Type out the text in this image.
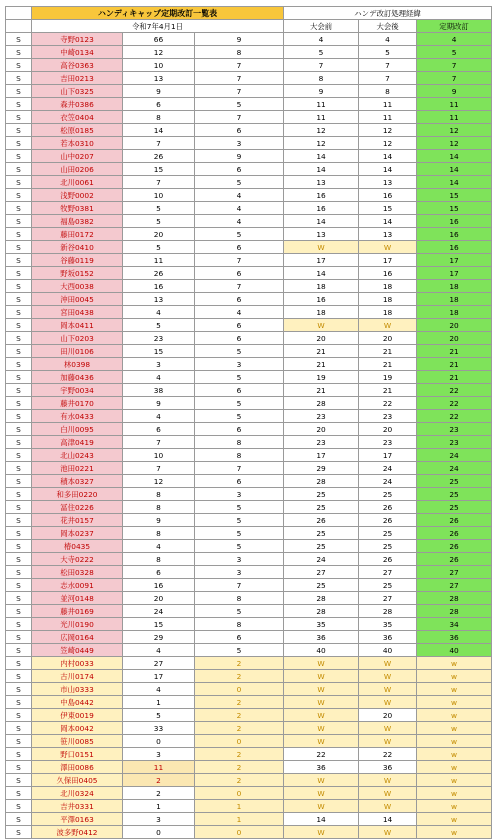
	ハンディキャップ定期改訂一覧表			ハンデ改訂処理経緯		
	令和7年4月1日			大会前	大会後	定期改訂
S	寺野0123	66	9	4	4	4
S	中崎0134	12	8	5	5	5
S	高谷0363	10	7	7	7	7
S	吉田0213	13	7	8	7	7
S	山下0325	9	7	9	8	9
S	森井0386	6	5	11	11	11
S	衣笠0404	8	7	11	11	11
S	松原0185	14	6	12	12	12
S	若本0310	7	3	12	12	12
S	山中0207	26	9	14	14	14
S	山田0206	15	6	14	14	14
S	北川0061	7	5	13	13	14
S	浅野0002	10	4	16	16	15
S	牧野0381	5	4	16	15	15
S	福島0382	5	4	14	14	16
S	藤田0172	20	5	13	13	16
S	新谷0410	5	6	W	W	16
S	谷藤0119	11	7	17	17	17
S	野坂0152	26	6	14	16	17
S	大西0038	16	7	18	18	18
S	沖田0045	13	6	16	18	18
S	宮田0438	4	4	18	18	18
S	岡本0411	5	6	W	W	20
S	山下0203	23	6	20	20	20
S	田川0106	15	5	21	21	21
S	林0398	3	3	21	21	21
S	加藤0436	4	5	19	19	21
S	宇野0034	38	6	21	21	22
S	藤井0170	9	5	28	22	22
S	有水0433	4	5	23	23	22
S	白川0095	6	6	20	20	23
S	高津0419	7	8	23	23	23
S	北山0243	10	8	17	17	24
S	池田0221	7	7	29	24	24
S	積本0327	12	6	28	24	25
S	和多田0220	8	3	25	25	25
S	冨住0226	8	5	25	26	25
S	花井0157	9	5	26	26	26
S	岡本0237	8	5	25	25	26
S	椿0435	4	5	25	25	26
S	大寺0222	8	3	24	26	26
S	松田0328	6	3	27	27	27
S	志水0091	16	7	25	25	27
S	並河0148	20	8	28	27	28
S	藤井0169	24	5	28	28	28
S	光川0190	15	8	35	35	34
S	広岡0164	29	6	36	36	36
S	笠崎0449	4	5	40	40	40
S	内村0033	27	2	W	W	w
S	古川0174	17	2	W	W	w
S	市山0333	4	0	W	W	w
S	中島0442	1	2	W	W	w
S	伊東0019	5	2	W	20	w
S	岡本0042	33	2	W	W	w
S	笹川0085	0	0	W	W	w
S	野口0151	3	2	22	22	w
S	澤田0086	11	2	36	36	w
S	久保田0405	2	2	W	W	w
S	北川0324	2	0	W	W	w
S	吉井0331	1	1	W	W	w
S	平澤0163	3	1	14	14	w
S	波多野0412	0	0	W	W	w
